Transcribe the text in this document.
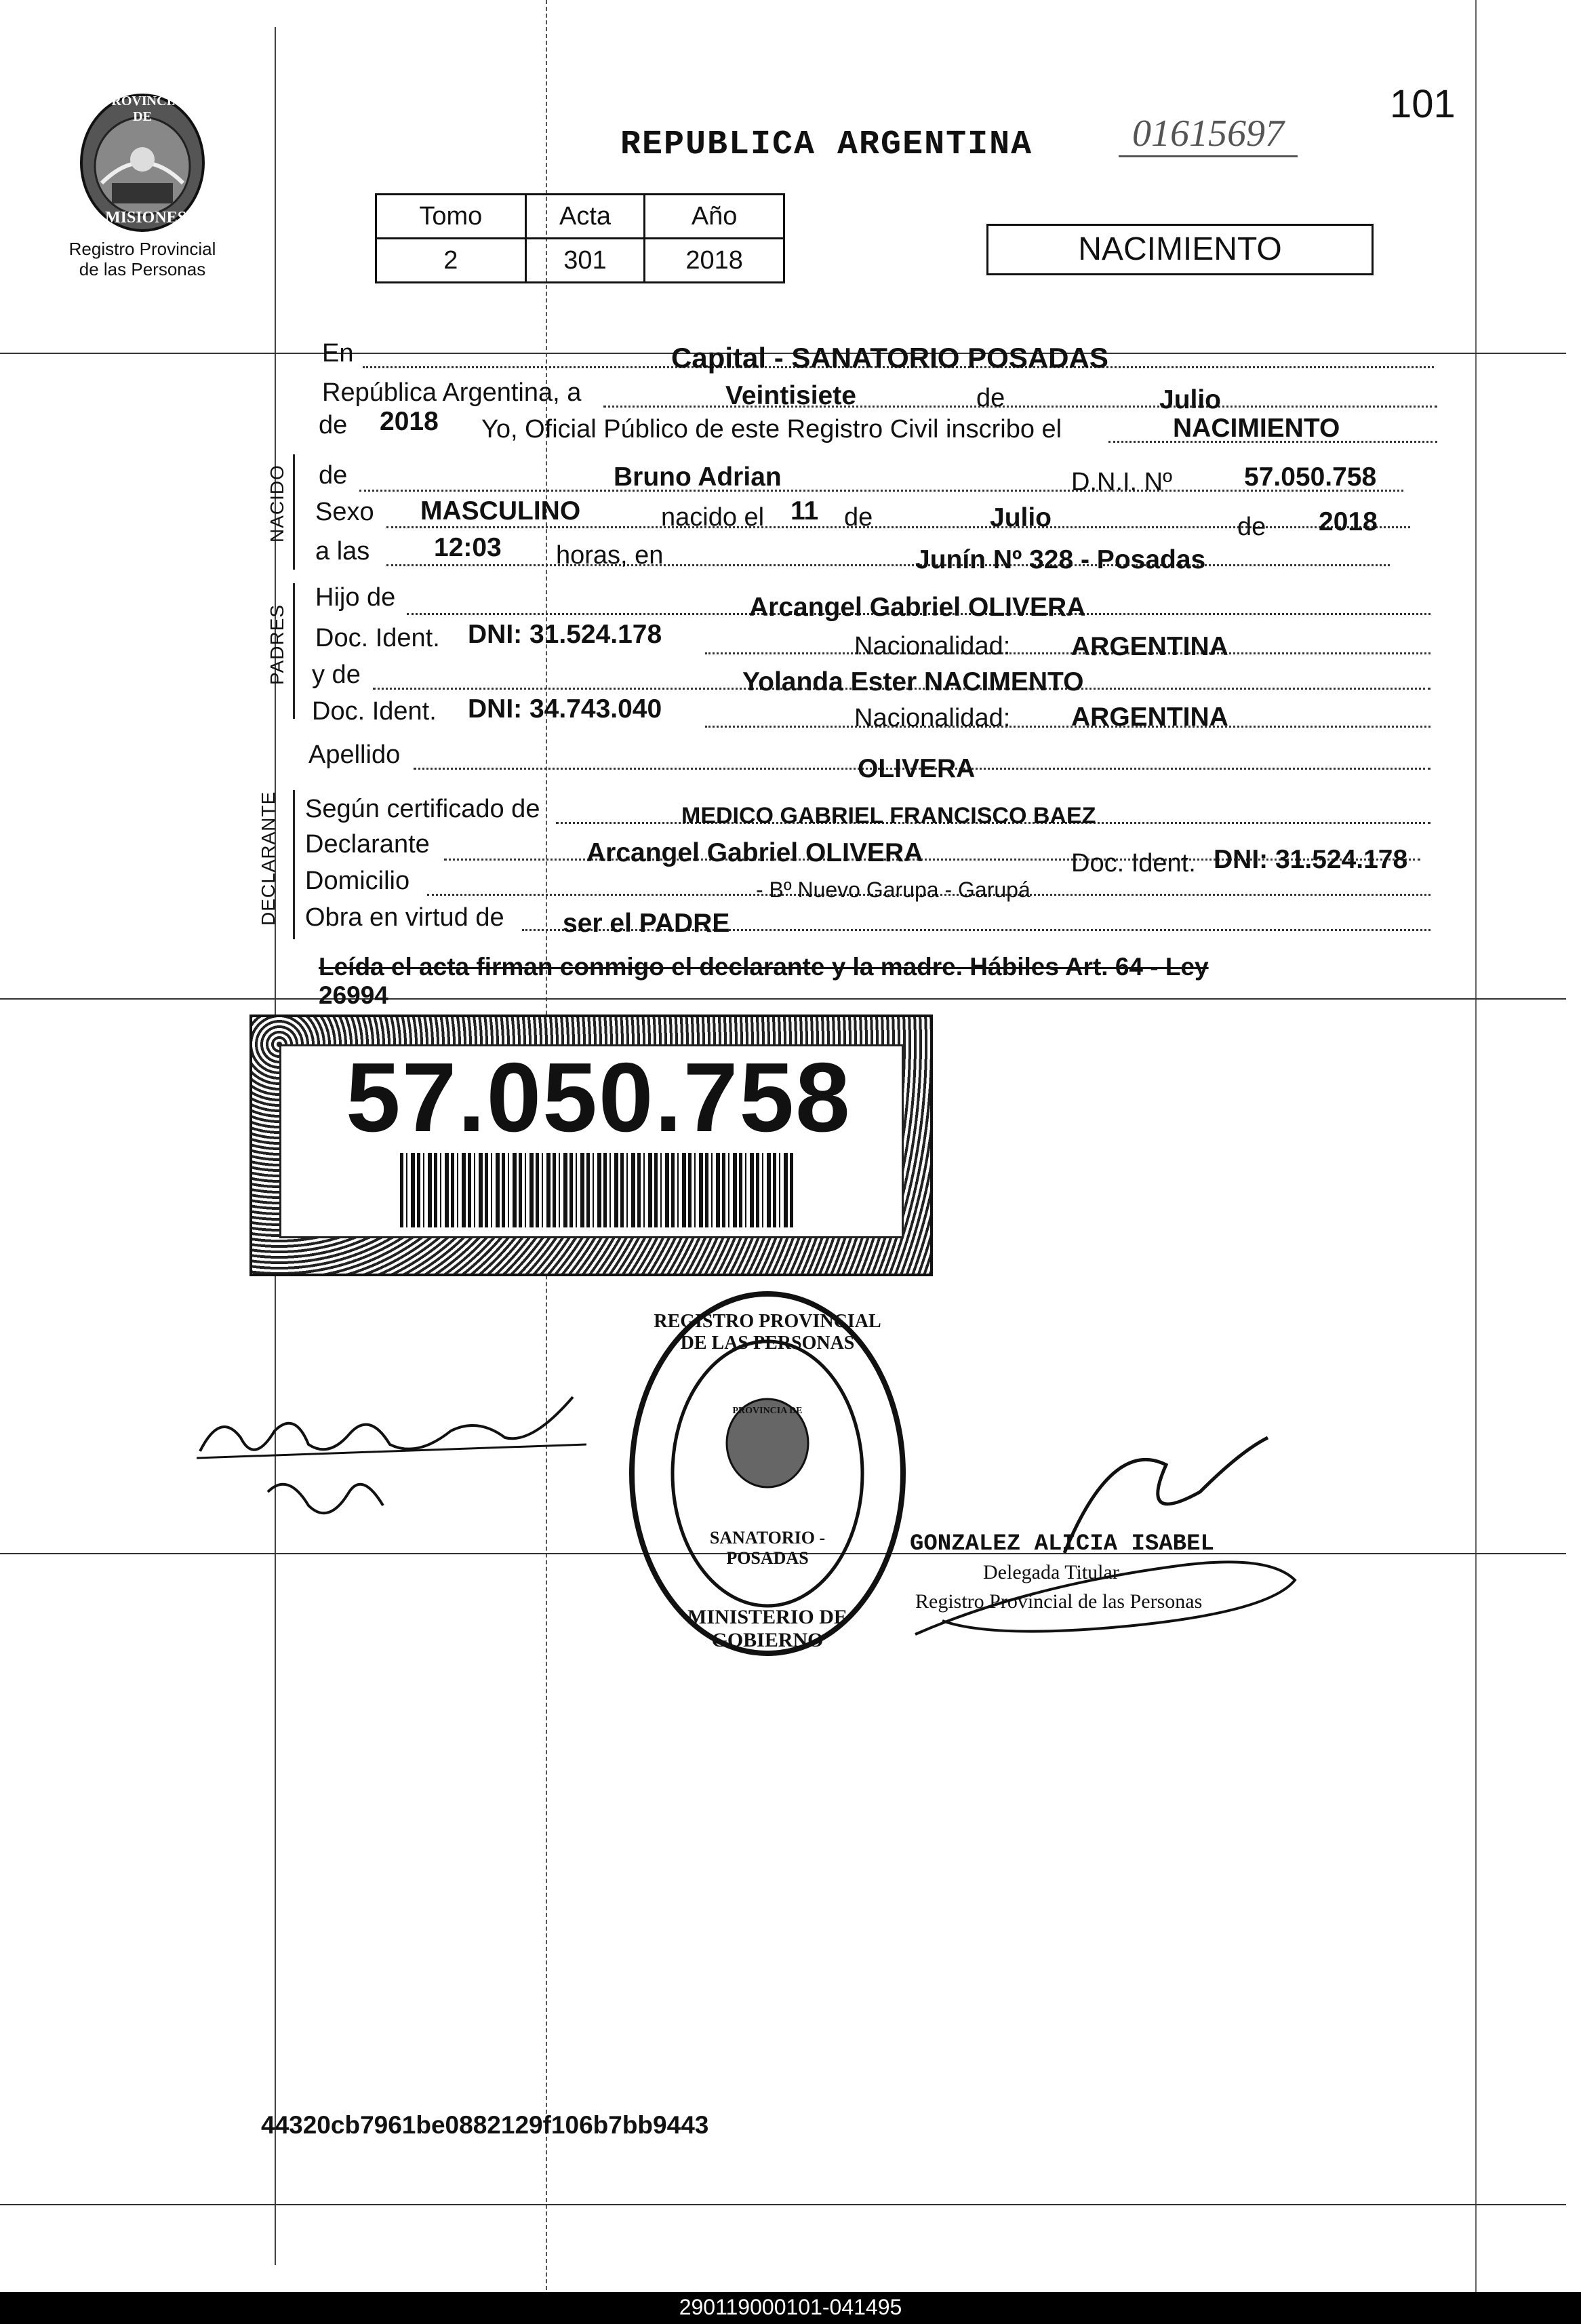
PROVINCIA DE
MISIONES
Registro Provincial
de las Personas
REPUBLICA ARGENTINA	01615697
101
Tomo	Acta	Año
2	301	2018	NACIMIENTO
NACIDO
PADRES
DECLARANTE
En	Capital - SANATORIO POSADAS
República Argentina, a	Veintisiete	de	Julio
de 2018 Yo, Oficial Público de este Registro Civil inscribo el	NACIMIENTO
de	Bruno Adrian	D.N.I. Nº	57.050.758
Sexo MASCULINO	nacido el 11 de	Julio	de 2018
a las 12:03 horas, en	Junín Nº 328 - Posadas
Hijo de	Arcangel Gabriel OLIVERA
Doc. Ident. DNI: 31.524.178	Nacionalidad: ARGENTINA
y de	Yolanda Ester NACIMENTO
Doc. Ident. DNI: 34.743.040	Nacionalidad: ARGENTINA
Apellido	OLIVERA
Según certificado de	MEDICO GABRIEL FRANCISCO BAEZ
Declarante	Arcangel Gabriel OLIVERA	Doc. Ident. DNI: 31.524.178
Domicilio	- Bº Nuevo Garupa - Garupá
Obra en virtud de ser el PADRE
Leída el acta firman conmigo el declarante y la madre. Hábiles Art. 64 - Ley
26994
57.050.758
REGISTRO PROVINCIAL DE LAS PERSONAS
PROVINCIA DE
SANATORIO - POSADAS
MINISTERIO DE GOBIERNO
GONZALEZ ALICIA ISABEL
Delegada Titular
Registro Provincial de las Personas
44320cb7961be0882129f106b7bb9443
290119000101-041495
